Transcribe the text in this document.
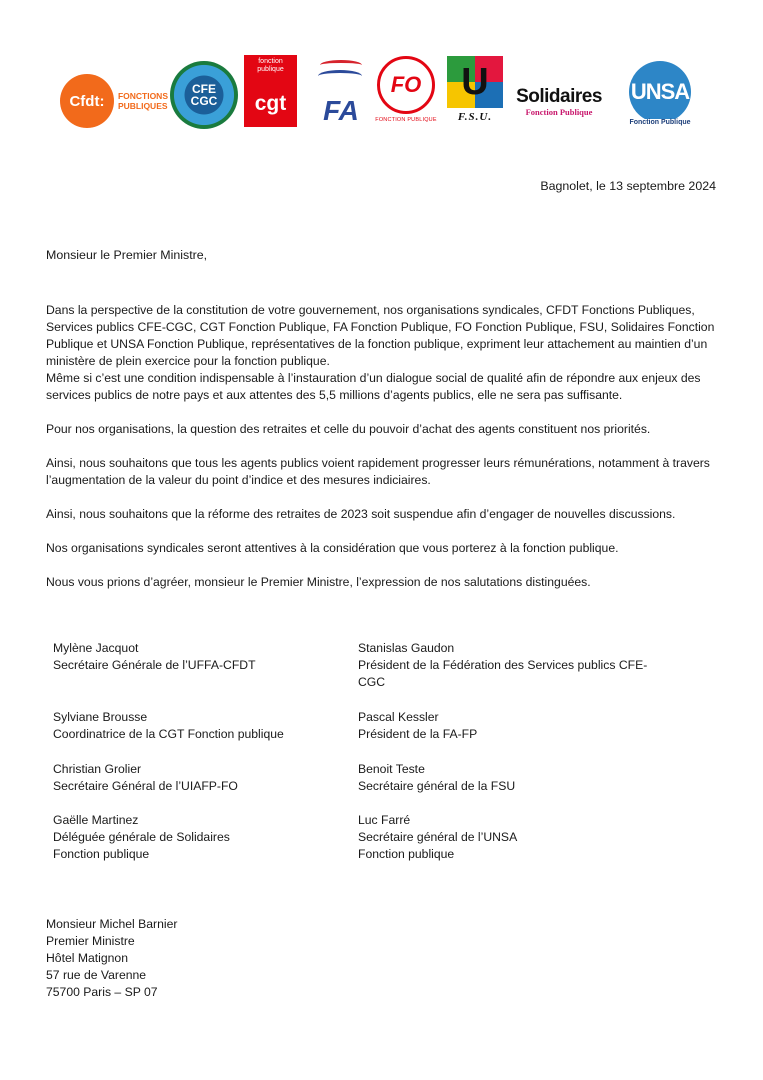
Cfdt:	FONCTIONS
PUBLIQUES
CFE
CGC
fonction
publique
cgt FA
FO
FONCTION PUBLIQUE
U
F.S.U.
Solidaires
Fonction Publique
UNSA
Fonction Publique
Bagnolet, le 13 septembre 2024
Monsieur le Premier Ministre,

Dans la perspective de la constitution de votre gouvernement, nos organisations syndicales, CFDT Fonctions Publiques, Services publics CFE-CGC, CGT Fonction Publique, FA Fonction Publique, FO Fonction Publique, FSU, Solidaires Fonction Publique et UNSA Fonction Publique, représentatives de la fonction publique, expriment leur attachement au maintien d’un ministère de plein exercice pour la fonction publique.

Même si c’est une condition indispensable à l’instauration d’un dialogue social de qualité afin de répondre aux enjeux des services publics de notre pays et aux attentes des 5,5 millions d’agents publics, elle ne sera pas suffisante.

Pour nos organisations, la question des retraites et celle du pouvoir d’achat des agents constituent nos priorités.

Ainsi, nous souhaitons que tous les agents publics voient rapidement progresser leurs rémunérations, notamment à travers l’augmentation de la valeur du point d’indice et des mesures indiciaires.

Ainsi, nous souhaitons que la réforme des retraites de 2023 soit suspendue afin d’engager de nouvelles discussions.

Nos organisations syndicales seront attentives à la considération que vous porterez à la fonction publique.

Nous vous prions d’agréer, monsieur le Premier Ministre, l’expression de nos salutations distinguées.

Mylène Jacquot
Secrétaire Générale de l’UFFA-CFDT
Sylviane Brousse
Coordinatrice de la CGT Fonction publique
Christian Grolier
Secrétaire Général de l’UIAFP-FO
Gaëlle Martinez
Déléguée générale de Solidaires
Fonction publique
Stanislas Gaudon
Président de la Fédération des Services publics CFE-
CGC
Pascal Kessler
Président de la FA-FP
Benoit Teste
Secrétaire général de la FSU
Luc Farré
Secrétaire général de l’UNSA
Fonction publique
Monsieur Michel Barnier
Premier Ministre
Hôtel Matignon
57 rue de Varenne
75700 Paris – SP 07
